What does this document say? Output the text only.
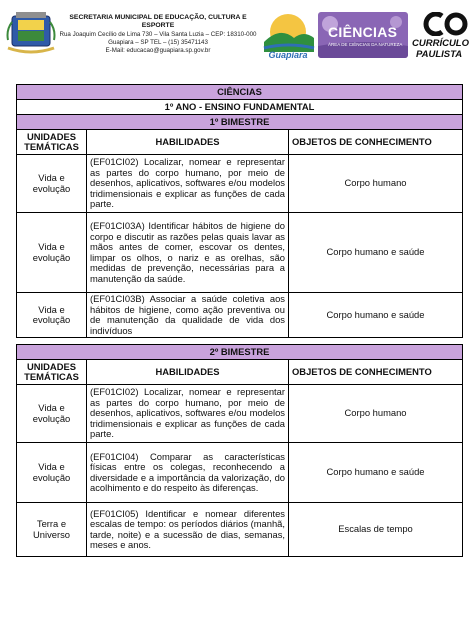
SECRETARIA MUNICIPAL DE EDUCAÇÃO, CULTURA E ESPORTE
Rua Joaquim Cecílio de Lima 730 – Vila Santa Luzia – CEP: 18310-000
Guapiara – SP TEL – (15) 35471143
E-Mail: educacao@guapiara.sp.gov.br	Guapiara
CIÊNCIAS
ÁREA DE CIÊNCIAS DA NATUREZA CURRÍCULO
PAULISTA
CIÊNCIAS		
1º ANO - ENSINO FUNDAMENTAL		
1º BIMESTRE		
UNIDADES TEMÁTICAS	HABILIDADES	OBJETOS DE CONHECIMENTO
Vida e evolução	(EF01CI02) Localizar, nomear e representar as partes do corpo humano, por meio de desenhos, aplicativos, softwares e/ou modelos tridimensionais e explicar as funções de cada parte.	Corpo humano
Vida e evolução	(EF01CI03A) Identificar hábitos de higiene do corpo e discutir as razões pelas quais lavar as mãos antes de comer, escovar os dentes, limpar os olhos, o nariz e as orelhas, são medidas de prevenção, necessárias para a manutenção da saúde.	Corpo humano e saúde
Vida e evolução	(EF01CI03B) Associar a saúde coletiva aos hábitos de higiene, como ação preventiva ou de manutenção da qualidade de vida dos indivíduos	Corpo humano e saúde
2º BIMESTRE		
UNIDADES TEMÁTICAS	HABILIDADES	OBJETOS DE CONHECIMENTO
Vida e evolução	(EF01CI02) Localizar, nomear e representar as partes do corpo humano, por meio de desenhos, aplicativos, softwares e/ou modelos tridimensionais e explicar as funções de cada parte.	Corpo humano
Vida e evolução	(EF01CI04) Comparar as características físicas entre os colegas, reconhecendo a diversidade e a importância da valorização, do acolhimento e do respeito às diferenças.	Corpo humano e saúde
Terra e Universo	(EF01CI05) Identificar e nomear diferentes escalas de tempo: os períodos diários (manhã, tarde, noite) e a sucessão de dias, semanas, meses e anos.	Escalas de tempo
